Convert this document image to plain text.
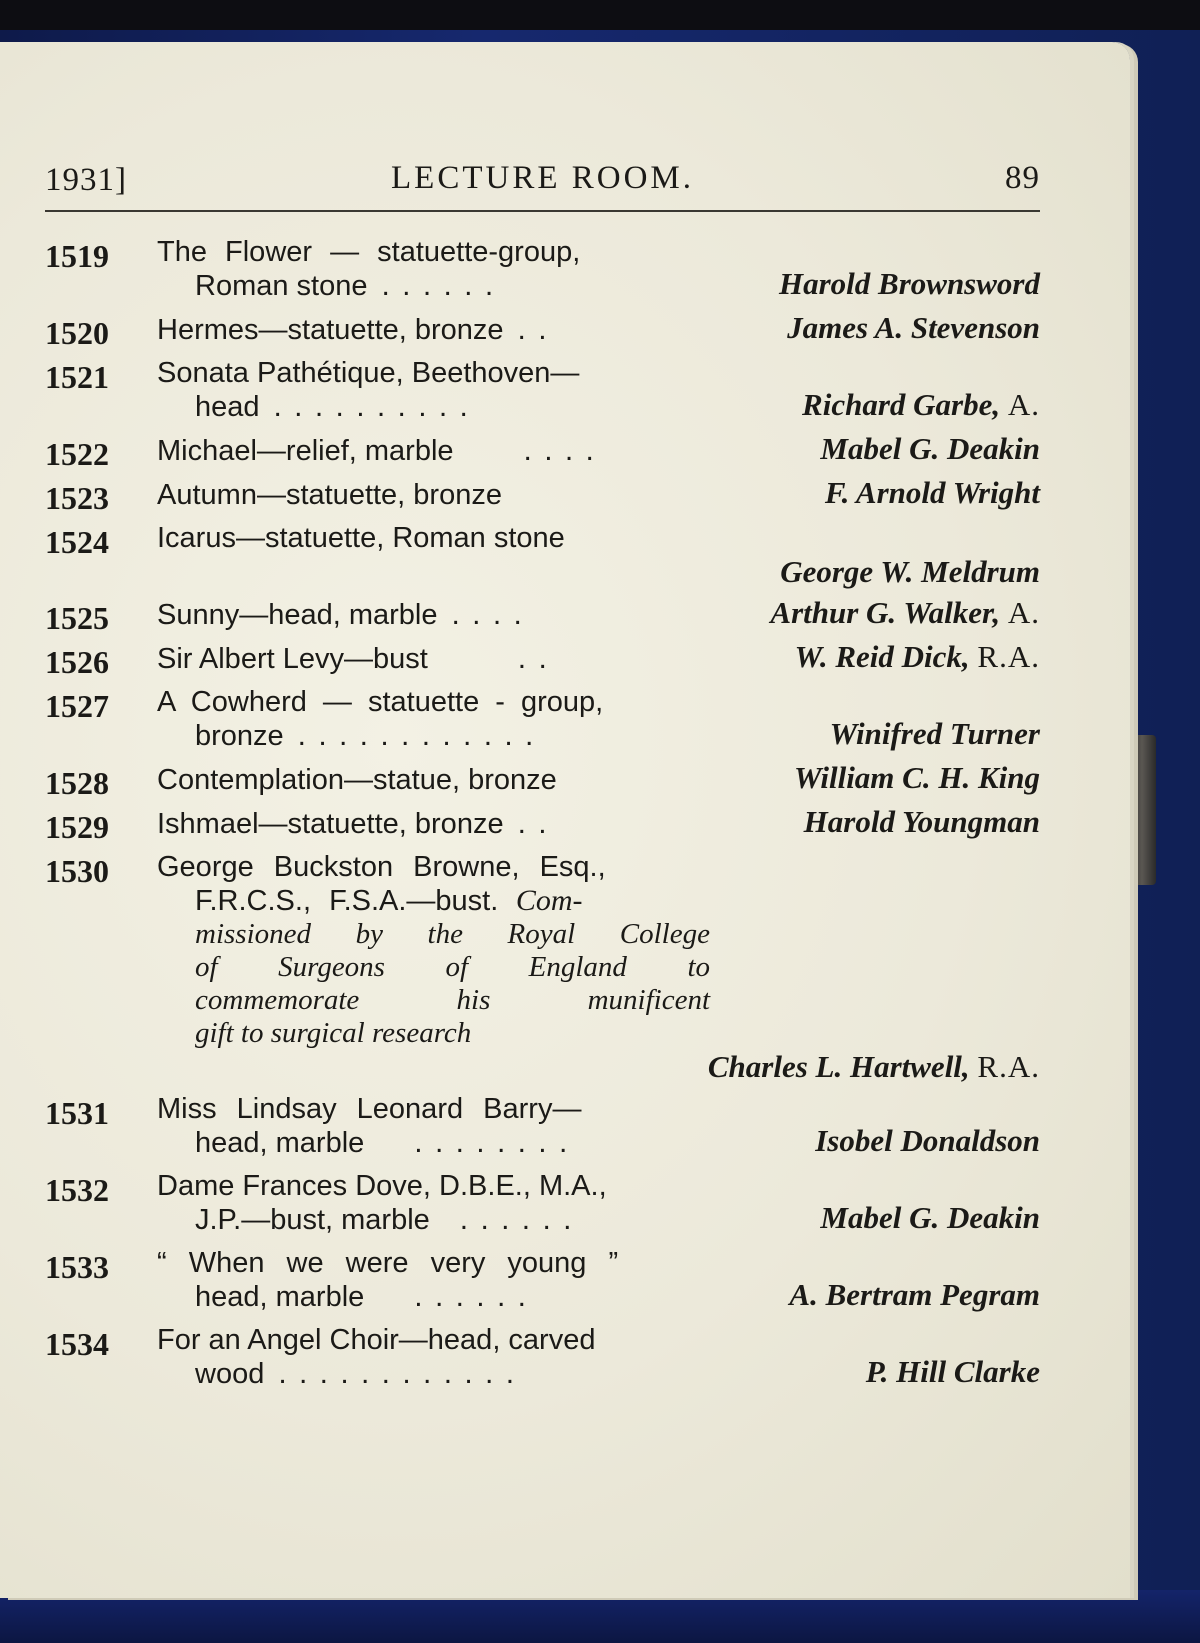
1931]	LECTURE ROOM.	89
1519	The Flower — statuette-group,
Roman stone . . . . . .	Harold Brownsword
1520	Hermes—statuette, bronze . .	James A. Stevenson
1521	Sonata Pathétique, Beethoven—
head . . . . . . . . . .	Richard Garbe, A.
1522	Michael—relief, marble . . . .	Mabel G. Deakin
1523	Autumn—statuette, bronze	F. Arnold Wright
1524	Icarus—statuette, Roman stone
George W. Meldrum
1525	Sunny—head, marble . . . .	Arthur G. Walker, A.
1526	Sir Albert Levy—bust	. .	W. Reid Dick, R.A.
1527	A Cowherd — statuette - group,
bronze . . . . . . . . . . . .	Winifred Turner
1528	Contemplation—statue, bronze	William C. H. King
1529	Ishmael—statuette, bronze . .	Harold Youngman
1530	George Buckston Browne, Esq.,
F.R.C.S., F.S.A.—bust. Com-
missioned by the Royal College
of Surgeons of England to
commemorate his munificent
gift to surgical research
Charles L. Hartwell, R.A.
1531	Miss Lindsay Leonard Barry—
head, marble . . . . . . . .	Isobel Donaldson
1532	Dame Frances Dove, D.B.E., M.A.,
J.P.—bust, marble . . . . . .	Mabel G. Deakin
1533	“ When we were very young ”
head, marble . . . . . .	A. Bertram Pegram
1534	For an Angel Choir—head, carved
wood . . . . . . . . . . . .	P. Hill Clarke
